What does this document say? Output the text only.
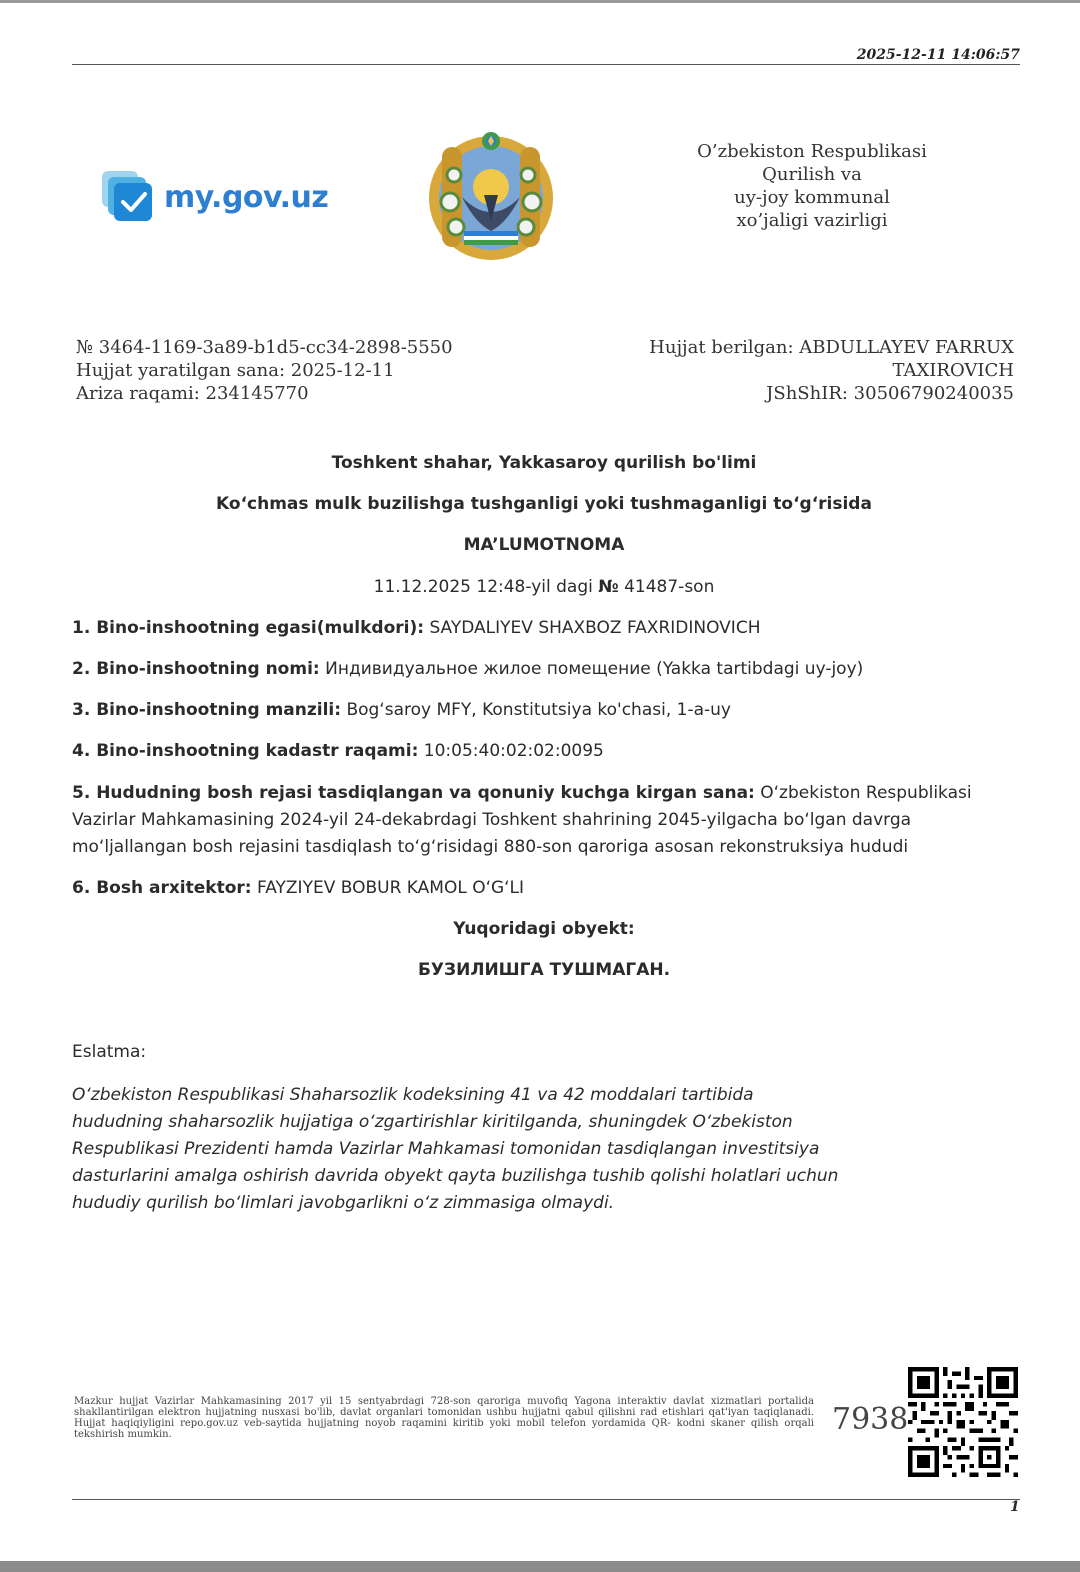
2025-12-11 14:06:57
my.gov.uz
O’zbekiston Respublikasi
Qurilish va
uy-joy kommunal
xo’jaligi vazirligi
№ 3464-1169-3a89-b1d5-cc34-2898-5550
Hujjat yaratilgan sana: 2025-12-11
Ariza raqami: 234145770
Hujjat berilgan: ABDULLAYEV FARRUX
TAXIROVICH
JShShIR: 30506790240035
Toshkent shahar, Yakkasaroy qurilish bo'limi
Ko‘chmas mulk buzilishga tushganligi yoki tushmaganligi to‘g‘risida
MA’LUMOTNOMA
11.12.2025 12:48-yil dagi № 41487-son
1. Bino-inshootning egasi(mulkdori): SAYDALIYEV SHAXBOZ FAXRIDINOVICH
2. Bino-inshootning nomi: Индивидуальное жилое помещение (Yakka tartibdagi uy-joy)
3. Bino-inshootning manzili: Bog‘saroy MFY, Konstitutsiya ko'chasi, 1-a-uy
4. Bino-inshootning kadastr raqami: 10:05:40:02:02:0095
5. Hududning bosh rejasi tasdiqlangan va qonuniy kuchga kirgan sana: O‘zbekiston Respublikasi Vazirlar Mahkamasining 2024-yil 24-dekabrdagi Toshkent shahrining 2045-yilgacha bo‘lgan davrga mo‘ljallangan bosh rejasini tasdiqlash to‘g‘risidagi 880-son qaroriga asosan rekonstruksiya hududi
6. Bosh arxitektor: FAYZIYEV BOBUR KAMOL O‘G‘LI
Yuqoridagi obyekt:
БУЗИЛИШГА ТУШМАГАН.
Eslatma:
O‘zbekiston Respublikasi Shaharsozlik kodeksining 41 va 42 moddalari tartibida hududning shaharsozlik hujjatiga o‘zgartirishlar kiritilganda, shuningdek O‘zbekiston Respublikasi Prezidenti hamda Vazirlar Mahkamasi tomonidan tasdiqlangan investitsiya dasturlarini amalga oshirish davrida obyekt qayta buzilishga tushib qolishi holatlari uchun hududiy qurilish bo‘limlari javobgarlikni o‘z zimmasiga olmaydi.
Mazkur hujjat Vazirlar Mahkamasining 2017 yil 15 sentyabrdagi 728-son qaroriga muvofiq Yagona interaktiv davlat xizmatlari portalida shakllantirilgan elektron hujjatning nusxasi bo'lib, davlat organlari tomonidan ushbu hujjatni qabul qilishni rad etishlari qat'iyan taqiqlanadi. Hujjat haqiqiyligini repo.gov.uz veb-saytida hujjatning noyob raqamini kiritib yoki mobil telefon yordamida QR- kodni skaner qilish orqali tekshirish mumkin.	7938
1
